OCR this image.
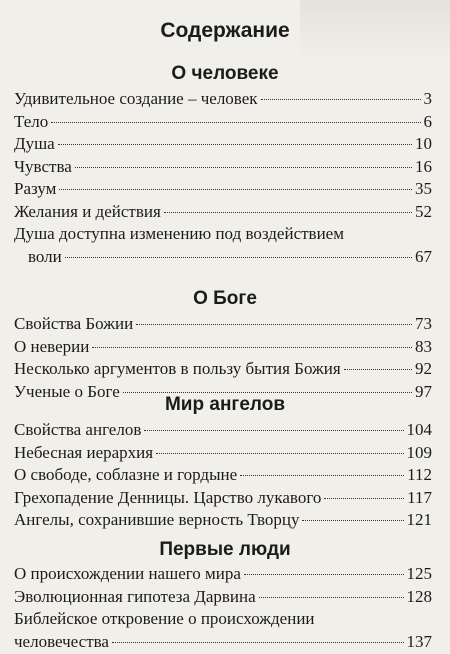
Содержание
О человеке
Удивительное создание – человек	3
Тело	6
Душа	10
Чувства	16
Разум	35
Желания и действия	52
Душа доступна изменению под воздействием
воли	67
О Боге
Свойства Божии	73
О неверии	83
Несколько аргументов в пользу бытия Божия	92
Ученые о Боге	97
Мир ангелов
Свойства ангелов	104
Небесная иерархия	109
О свободе, соблазне и гордыне	112
Грехопадение Денницы. Царство лукавого	117
Ангелы, сохранившие верность Творцу	121
Первые люди
О происхождении нашего мира	125
Эволюционная гипотеза Дарвина	128
Библейское откровение о происхождении
человечества	137
